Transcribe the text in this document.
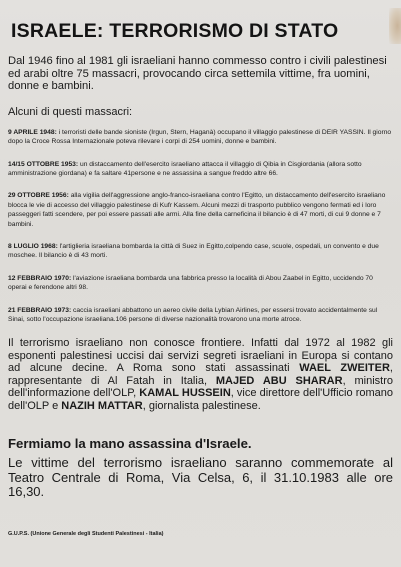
ISRAELE: TERRORISMO DI STATO
Dal 1946 fino al 1981 gli israeliani hanno commesso contro i civili palestinesi ed arabi oltre 75 massacri, provocando circa settemila vittime, fra uomini, donne e bambini.
Alcuni di questi massacri:
9 APRILE 1948: i terroristi delle bande sioniste (Irgun, Stern, Haganà) occupano il villaggio palestinese di DEIR YASSIN. Il giorno dopo la Croce Rossa Internazionale poteva rilevare i corpi di 254 uomini, donne e bambini.
14/15 OTTOBRE 1953: un distaccamento dell'esercito israeliano attacca il villaggio di Qibia in Cisgiordania (allora sotto amministrazione giordana) e fa saltare 41persone e ne assassina a sangue freddo altre 66.
29 OTTOBRE 1956: alla vigilia dell'aggressione anglo-franco-israeliana contro l'Egitto, un distaccamento dell'esercito israeliano blocca le vie di accesso del villaggio palestinese di Kufr Kassem. Alcuni mezzi di trasporto pubblico vengono fermati ed i loro passeggeri fatti scendere, per poi essere passati alle armi. Alla fine della carneficina il bilancio è di 47 morti, di cui 9 donne e 7 bambini.
8 LUGLIO 1968: l'artiglieria israeliana bombarda la città di Suez in Egitto,colpendo case, scuole, ospedali, un convento e due moschee. Il bilancio è di 43 morti.
12 FEBBRAIO 1970: l'aviazione israeliana bombarda una fabbrica presso la località di Abou Zaabel in Egitto, uccidendo 70 operai e ferendone altri 98.
21 FEBBRAIO 1973: caccia israeliani abbattono un aereo civile della Lybian Airlines, per essersi trovato accidentalmente sul Sinai, sotto l'occupazione israeliana.106 persone di diverse nazionalità trovarono una morte atroce.
Il terrorismo israeliano non conosce frontiere. Infatti dal 1972 al 1982 gli esponenti palestinesi uccisi dai servizi segreti israeliani in Europa si contano ad alcune decine. A Roma sono stati assassinati WAEL ZWEITER, rappresentante di Al Fatah in Italia, MAJED ABU SHARAR, ministro dell'informazione dell'OLP, KAMAL HUSSEIN, vice direttore dell'Ufficio romano dell'OLP e NAZIH MATTAR, giornalista palestinese.
Fermiamo la mano assassina d'Israele.
Le vittime del terrorismo israeliano saranno commemorate al Teatro Centrale di Roma, Via Celsa, 6, il 31.10.1983 alle ore 16,30.
G.U.P.S. (Unione Generale degli Studenti Palestinesi - Italia)
